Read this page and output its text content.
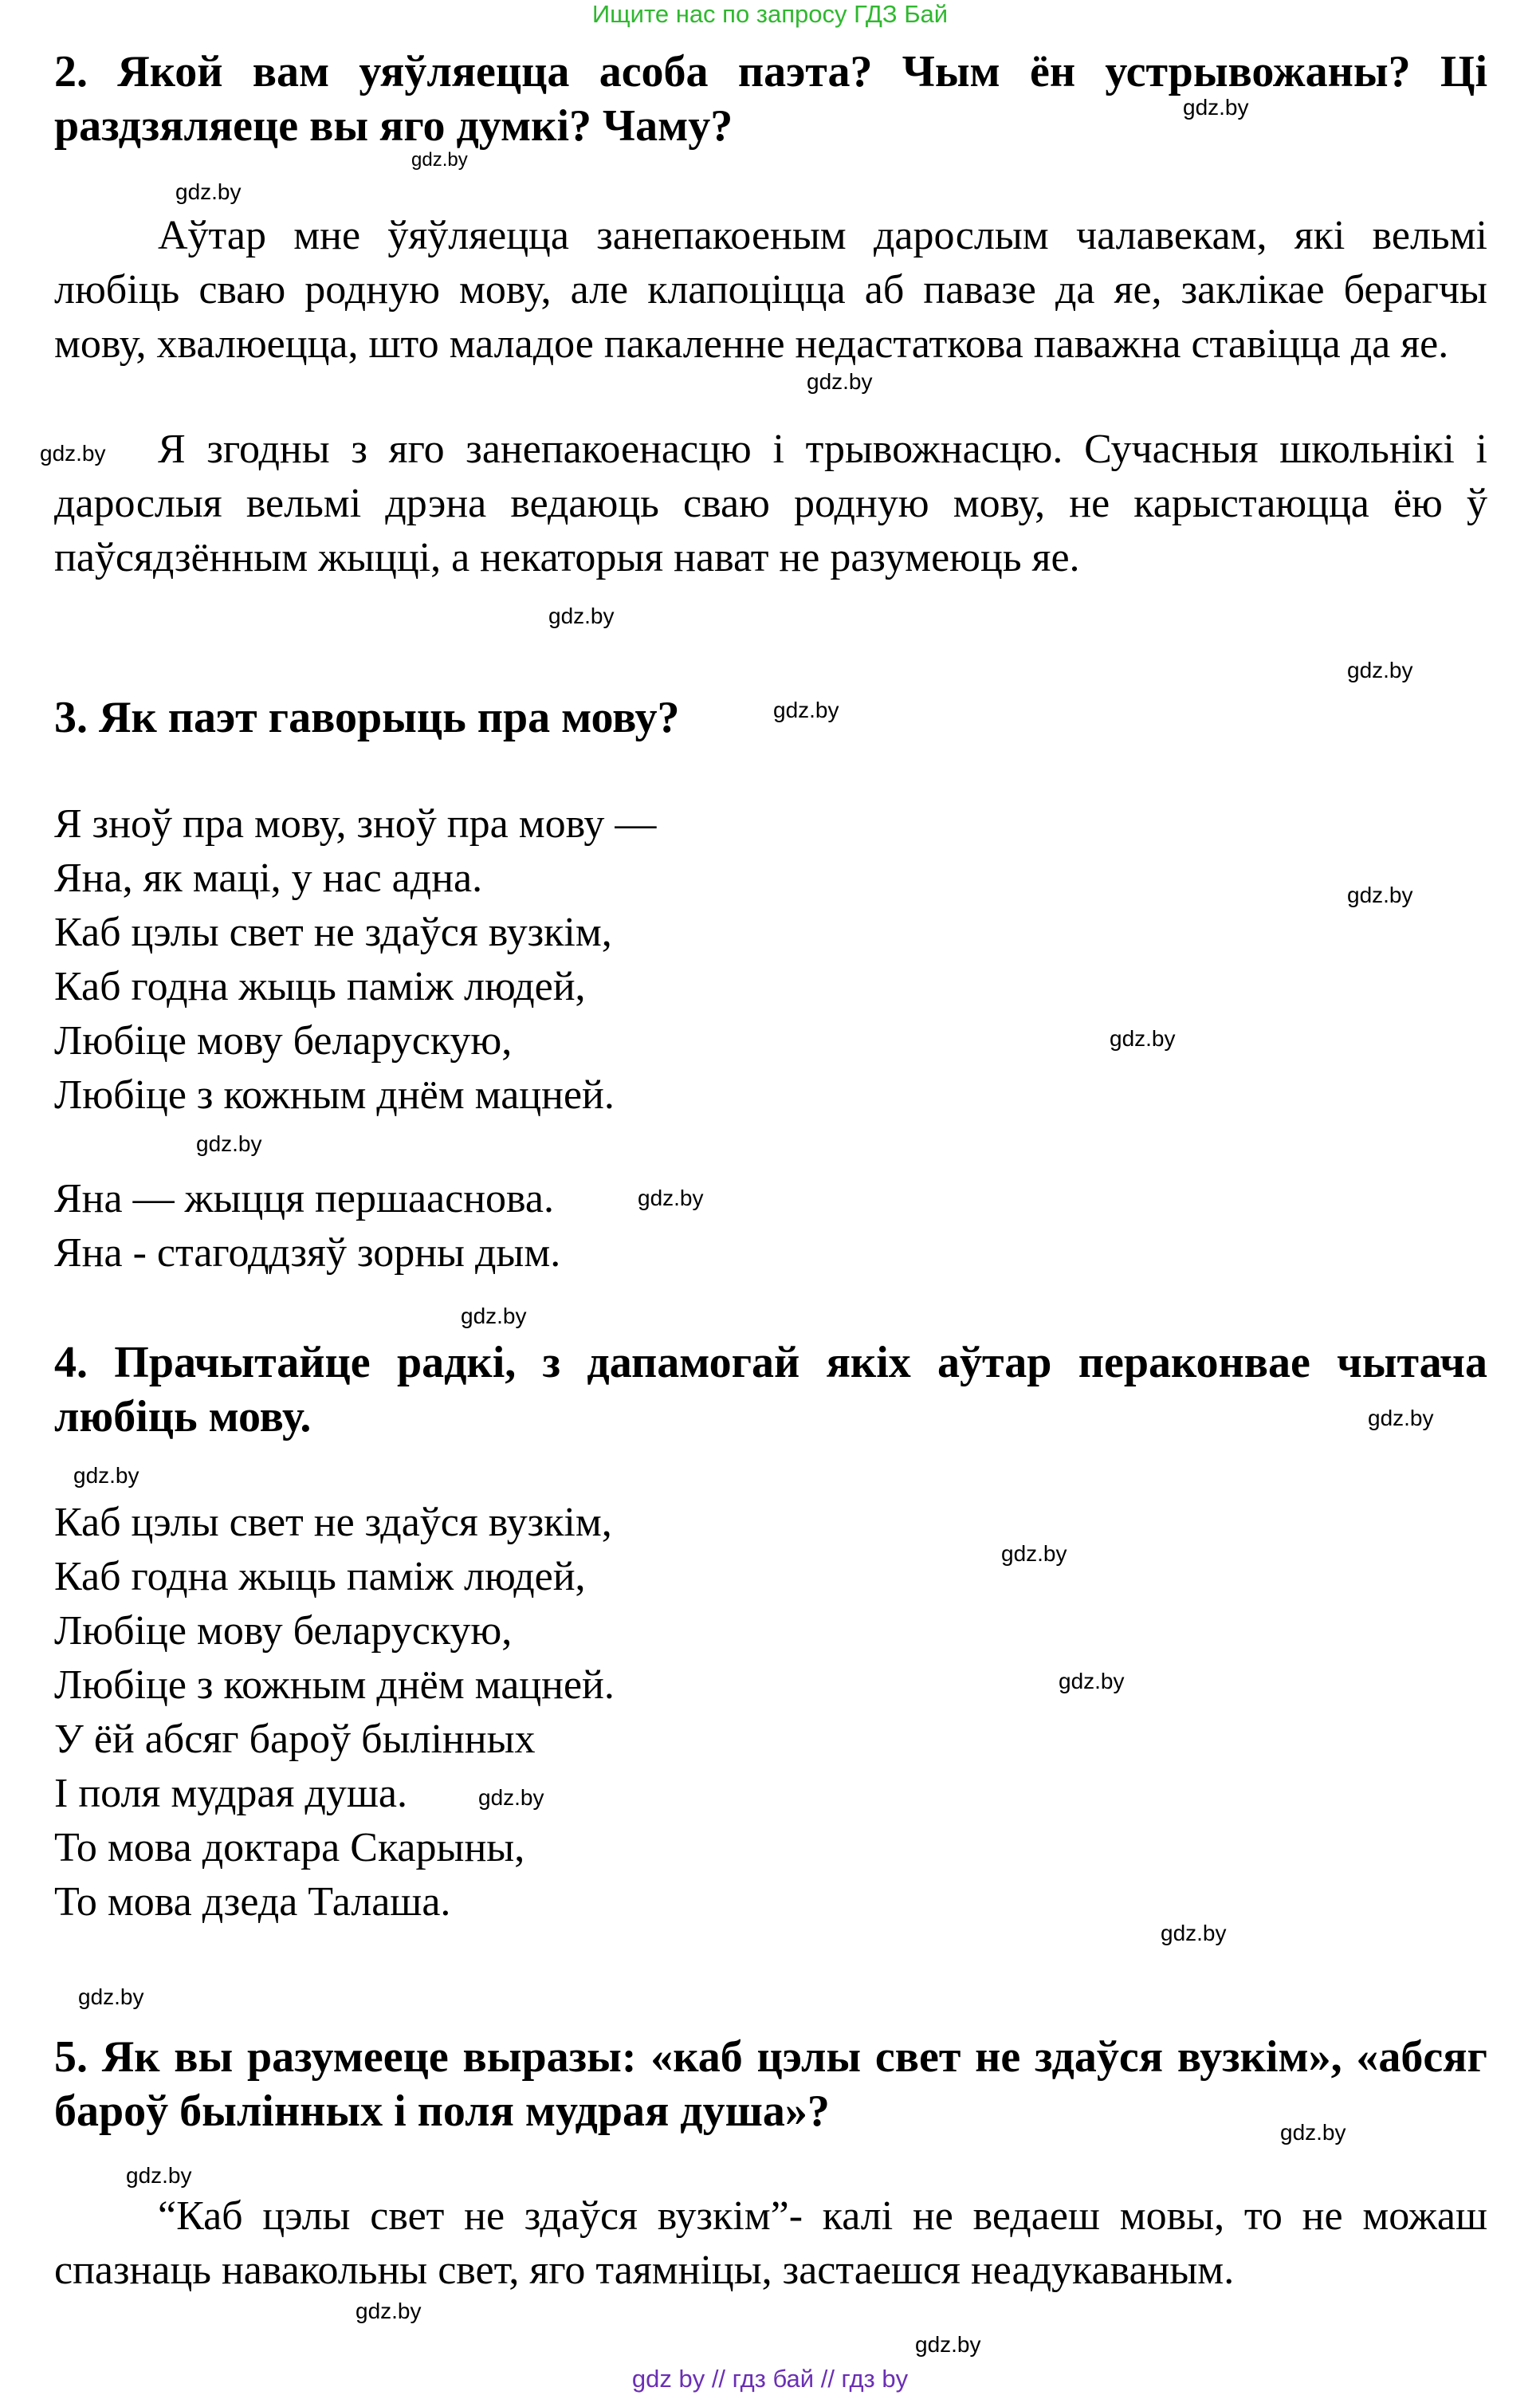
Ищите нас по запросу ГДЗ Бай
2. Якой вам уяўляецца асоба паэта? Чым ён устрывожаны? Ці раздзяляеце вы яго думкі? Чаму?
Аўтар мне ўяўляецца занепакоеным дарослым чалавекам, які вельмі любіць сваю родную мову, але клапоціцца аб павазе да яе, заклікае берагчы мову, хвалюецца, што маладое пакаленне недастаткова паважна ставіцца да яе.
Я згодны з яго занепакоенасцю і трывожнасцю. Сучасныя школьнікі і дарослыя вельмі дрэна ведаюць сваю родную мову, не карыстаюцца ёю ў паўсядзённым жыцці, а некаторыя нават не разумеюць яе.
3. Як паэт гаворыць пра мову?
Я зноў пра мову, зноў пра мову —
Яна, як маці, у нас адна.
Каб цэлы свет не здаўся вузкім,
Каб годна жыць паміж людей,
Любіце мову беларускую,
Любіце з кожным днём мацней.
Яна — жыцця першааснова.
Яна - стагоддзяў зорны дым.
4. Прачытайце радкі, з дапамогай якіх аўтар пераконвае чытача любіць мову.
Каб цэлы свет не здаўся вузкім,
Каб годна жыць паміж людей,
Любіце мову беларускую,
Любіце з кожным днём мацней.
У ёй абсяг бароў былінных
І поля мудрая душа.
То мова доктара Скарыны,
То мова дзеда Талаша.
5. Як вы разумееце выразы: «каб цэлы свет не здаўся вузкім», «абсяг бароў былінных і поля мудрая душа»?
“Каб цэлы свет не здаўся вузкім”- калі не ведаеш мовы, то не можаш спазнаць навакольны свет, яго таямніцы, застаешся неадукаваным.
gdz.by
gdz.by
gdz.by
gdz.by
gdz.by
gdz.by
gdz.by
gdz.by
gdz.by
gdz.by
gdz.by
gdz.by
gdz.by
gdz.by
gdz.by
gdz.by
gdz.by
gdz.by
gdz.by
gdz.by
gdz.by
gdz.by
gdz.by
gdz.by
gdz by // гдз бай // гдз by
